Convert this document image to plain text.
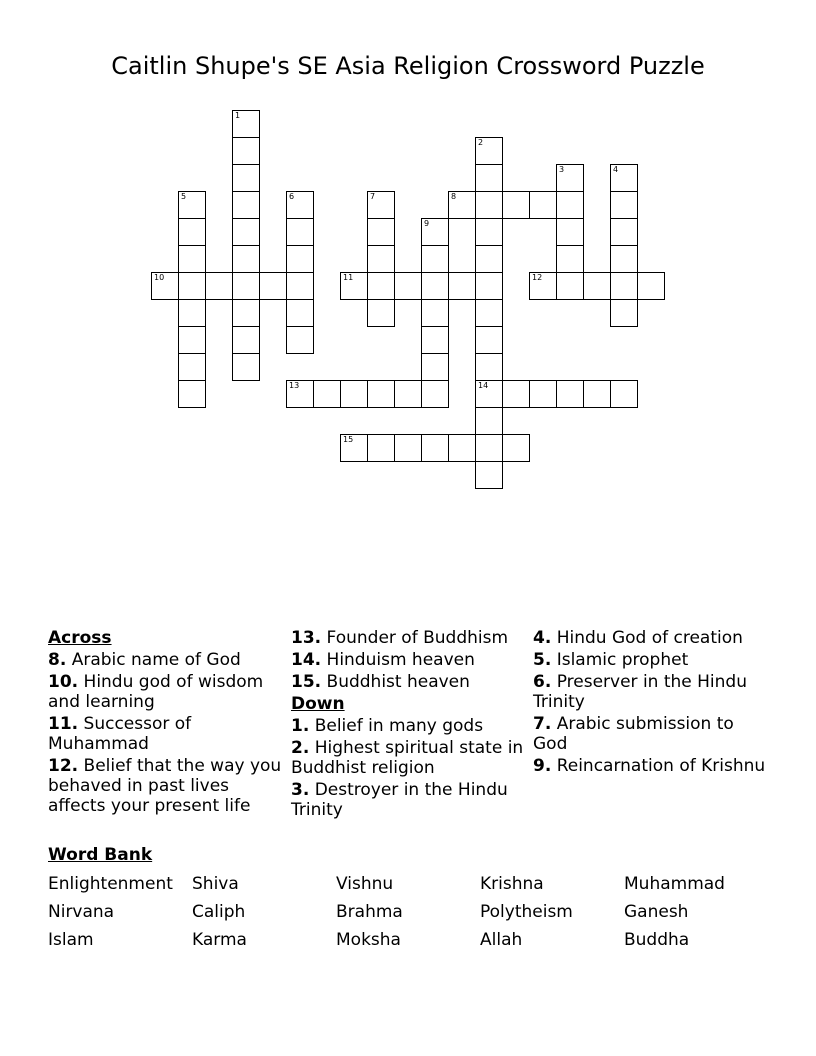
Caitlin Shupe's SE Asia Religion Crossword Puzzle
1
2
14
3	4
5	6	7	8
9
10	11	12
13
15
Across
8. Arabic name of God
10. Hindu god of wisdom and learning
11. Successor of Muhammad
12. Belief that the way you behaved in past lives affects your present life
13. Founder of Buddhism
14. Hinduism heaven
15. Buddhist heaven
Down
1. Belief in many gods
2. Highest spiritual state in Buddhist religion
3. Destroyer in the Hindu Trinity
4. Hindu God of creation
5. Islamic prophet
6. Preserver in the Hindu Trinity
7. Arabic submission to God
9. Reincarnation of Krishnu
Word Bank
Enlightenment	Shiva	Vishnu	Krishna	Muhammad
Nirvana	Caliph	Brahma	Polytheism	Ganesh
Islam	Karma	Moksha	Allah	Buddha
